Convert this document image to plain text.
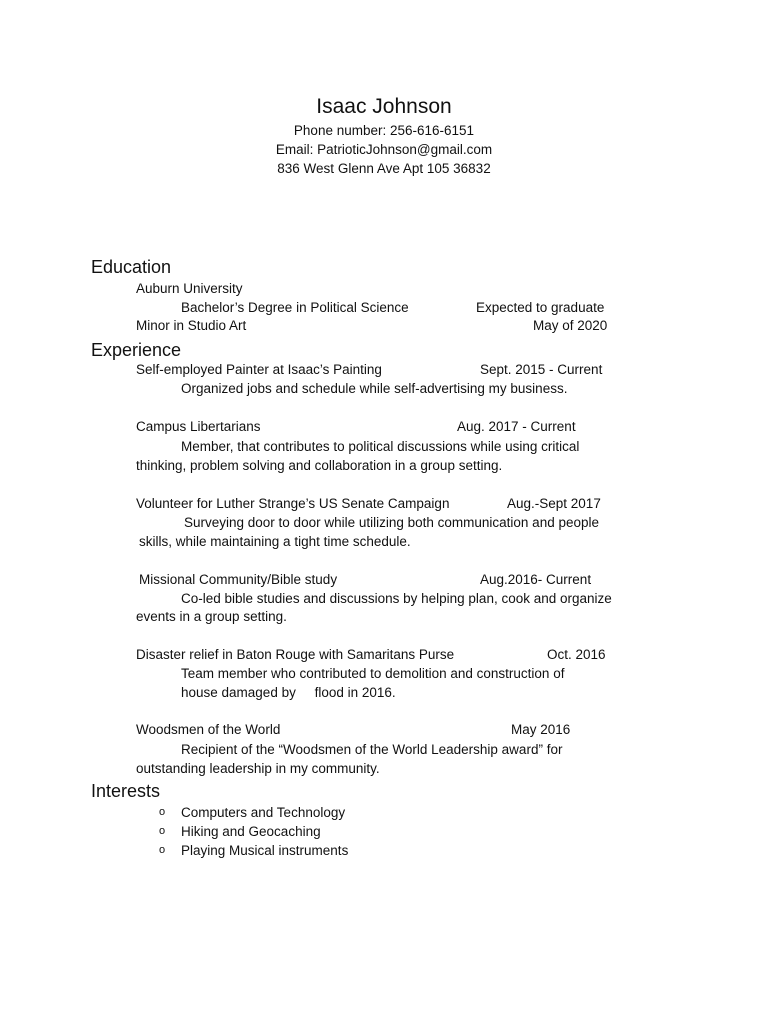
Isaac Johnson
Phone number: 256-616-6151
Email: PatrioticJohnson@gmail.com
836 West Glenn Ave Apt 105 36832
Education
Auburn University
Bachelor’s Degree in Political Science	Expected to graduate
Minor in Studio Art	May of 2020
Experience
Self-employed Painter at Isaac’s Painting	Sept. 2015 - Current
Organized jobs and schedule while self-advertising my business.
Campus Libertarians	Aug. 2017 - Current
Member, that contributes to political discussions while using critical
thinking, problem solving and collaboration in a group setting.
Volunteer for Luther Strange’s US Senate Campaign	Aug.-Sept 2017
Surveying door to door while utilizing both communication and people
skills, while maintaining a tight time schedule.
Missional Community/Bible study	Aug.2016- Current
Co-led bible studies and discussions by helping plan, cook and organize
events in a group setting.
Disaster relief in Baton Rouge with Samaritans Purse	Oct. 2016
Team member who contributed to demolition and construction of
house damaged by     flood in 2016.
Woodsmen of the World	May 2016
Recipient of the “Woodsmen of the World Leadership award” for
outstanding leadership in my community.
Interests
o Computers and Technology
o Hiking and Geocaching
o Playing Musical instruments
